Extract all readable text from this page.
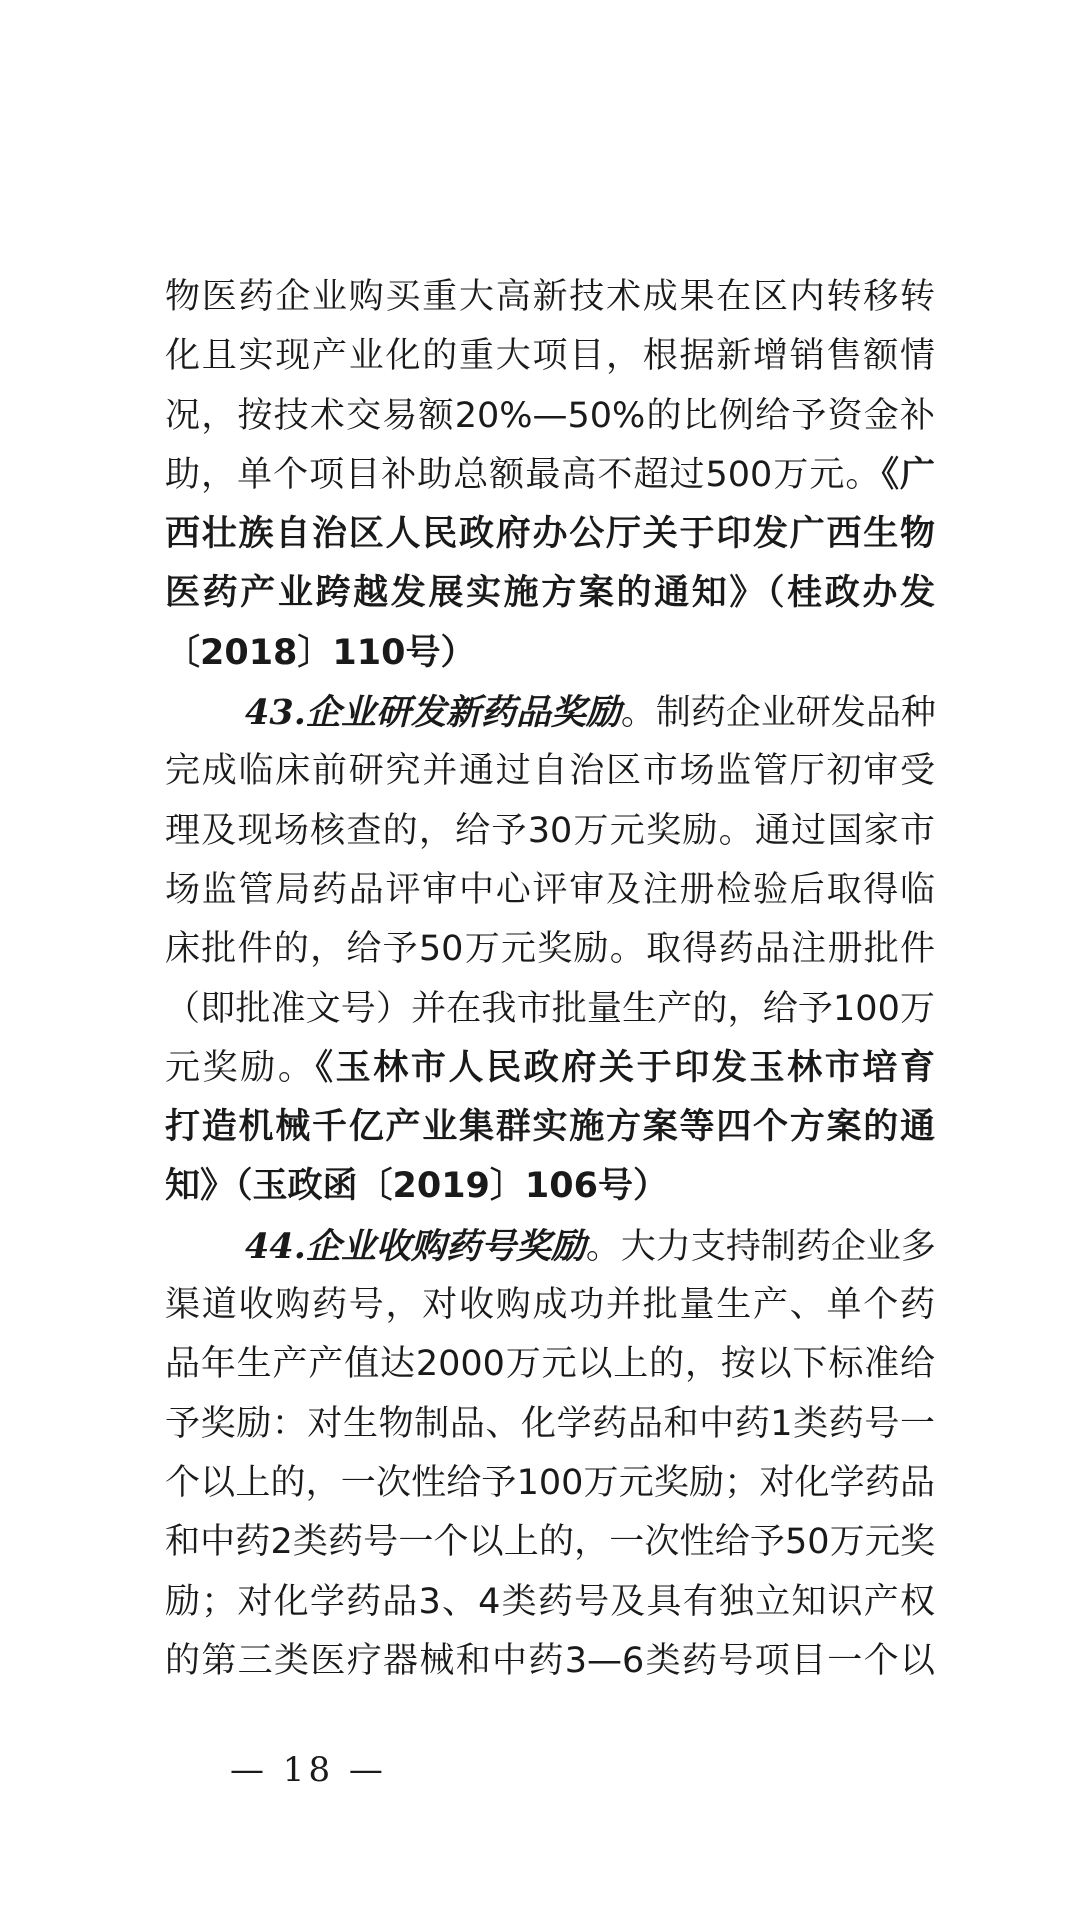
物医药企业购买重大高新技术成果在区内转移转
化且实现产业化的重大项目，根据新增销售额情
况，按技术交易额20%—50%的比例给予资金补
助，单个项目补助总额最高不超过500万元。《广
西壮族自治区人民政府办公厅关于印发广西生物
医药产业跨越发展实施方案的通知》（桂政办发
〔2018〕110号）
43.企业研发新药品奖励。制药企业研发品种
完成临床前研究并通过自治区市场监管厅初审受
理及现场核查的，给予30万元奖励。通过国家市
场监管局药品评审中心评审及注册检验后取得临
床批件的，给予50万元奖励。取得药品注册批件
（即批准文号）并在我市批量生产的，给予100万
元奖励。《玉林市人民政府关于印发玉林市培育
打造机械千亿产业集群实施方案等四个方案的通
知》（玉政函〔2019〕106号）
44.企业收购药号奖励。大力支持制药企业多
渠道收购药号，对收购成功并批量生产、单个药
品年生产产值达2000万元以上的，按以下标准给
予奖励：对生物制品、化学药品和中药1类药号一
个以上的，一次性给予100万元奖励；对化学药品
和中药2类药号一个以上的，一次性给予50万元奖
励；对化学药品3、4类药号及具有独立知识产权
的第三类医疗器械和中药3—6类药号项目一个以
— 18 —
